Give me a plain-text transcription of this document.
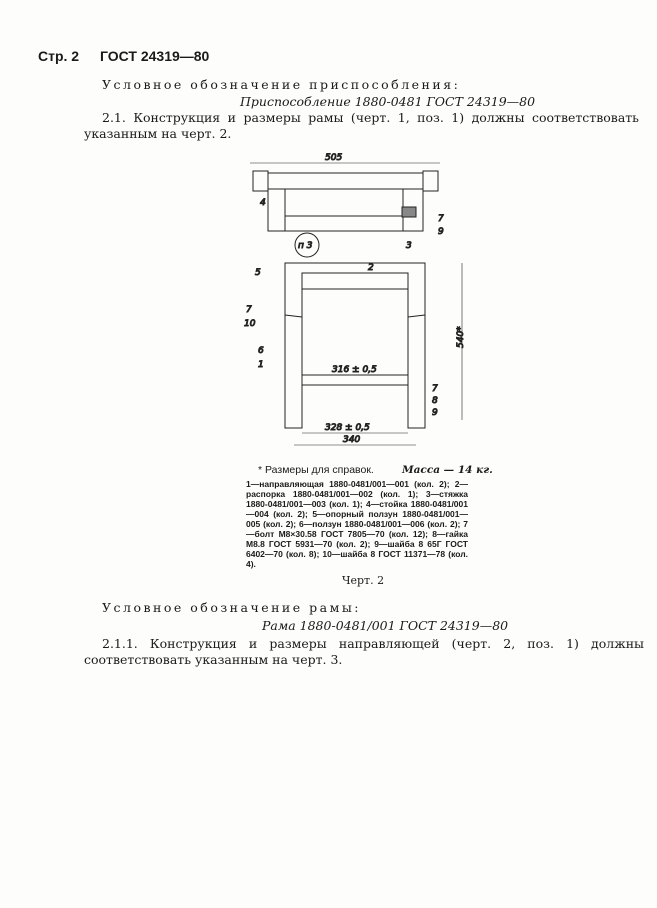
Стр. 2 ГОСТ 24319—80
Условное обозначение приспособления:
Приспособление 1880-0481 ГОСТ 24319—80
2.1. Конструкция и размеры рамы (черт. 1, поз. 1) должны соответствовать указанным на черт. 2.
505
4
3
7
9
п 3
2
5
7
10
6
1	316 ± 0,5
7
8
9
540*
328 ± 0,5
340
* Размеры для справок.	Масса — 14 кг.
1—направляющая 1880-0481/001—001 (кол. 2); 2—распорка 1880-0481/001—002 (кол. 1); 3—стяжка 1880-0481/001—003 (кол. 1); 4—стойка 1880-0481/001—004 (кол. 2); 5—опорный ползун 1880-0481/001—005 (кол. 2); 6—ползун 1880-0481/001—006 (кол. 2); 7—болт М8×30.58 ГОСТ 7805—70 (кол. 12); 8—гайка М8.8 ГОСТ 5931—70 (кол. 2); 9—шайба 8 65Г ГОСТ 6402—70 (кол. 8); 10—шайба 8 ГОСТ 11371—78 (кол. 4).
Черт. 2
Условное обозначение рамы:
Рама 1880-0481/001 ГОСТ 24319—80
2.1.1. Конструкция и размеры направляющей (черт. 2, поз. 1) должны соответствовать указанным на черт. 3.
